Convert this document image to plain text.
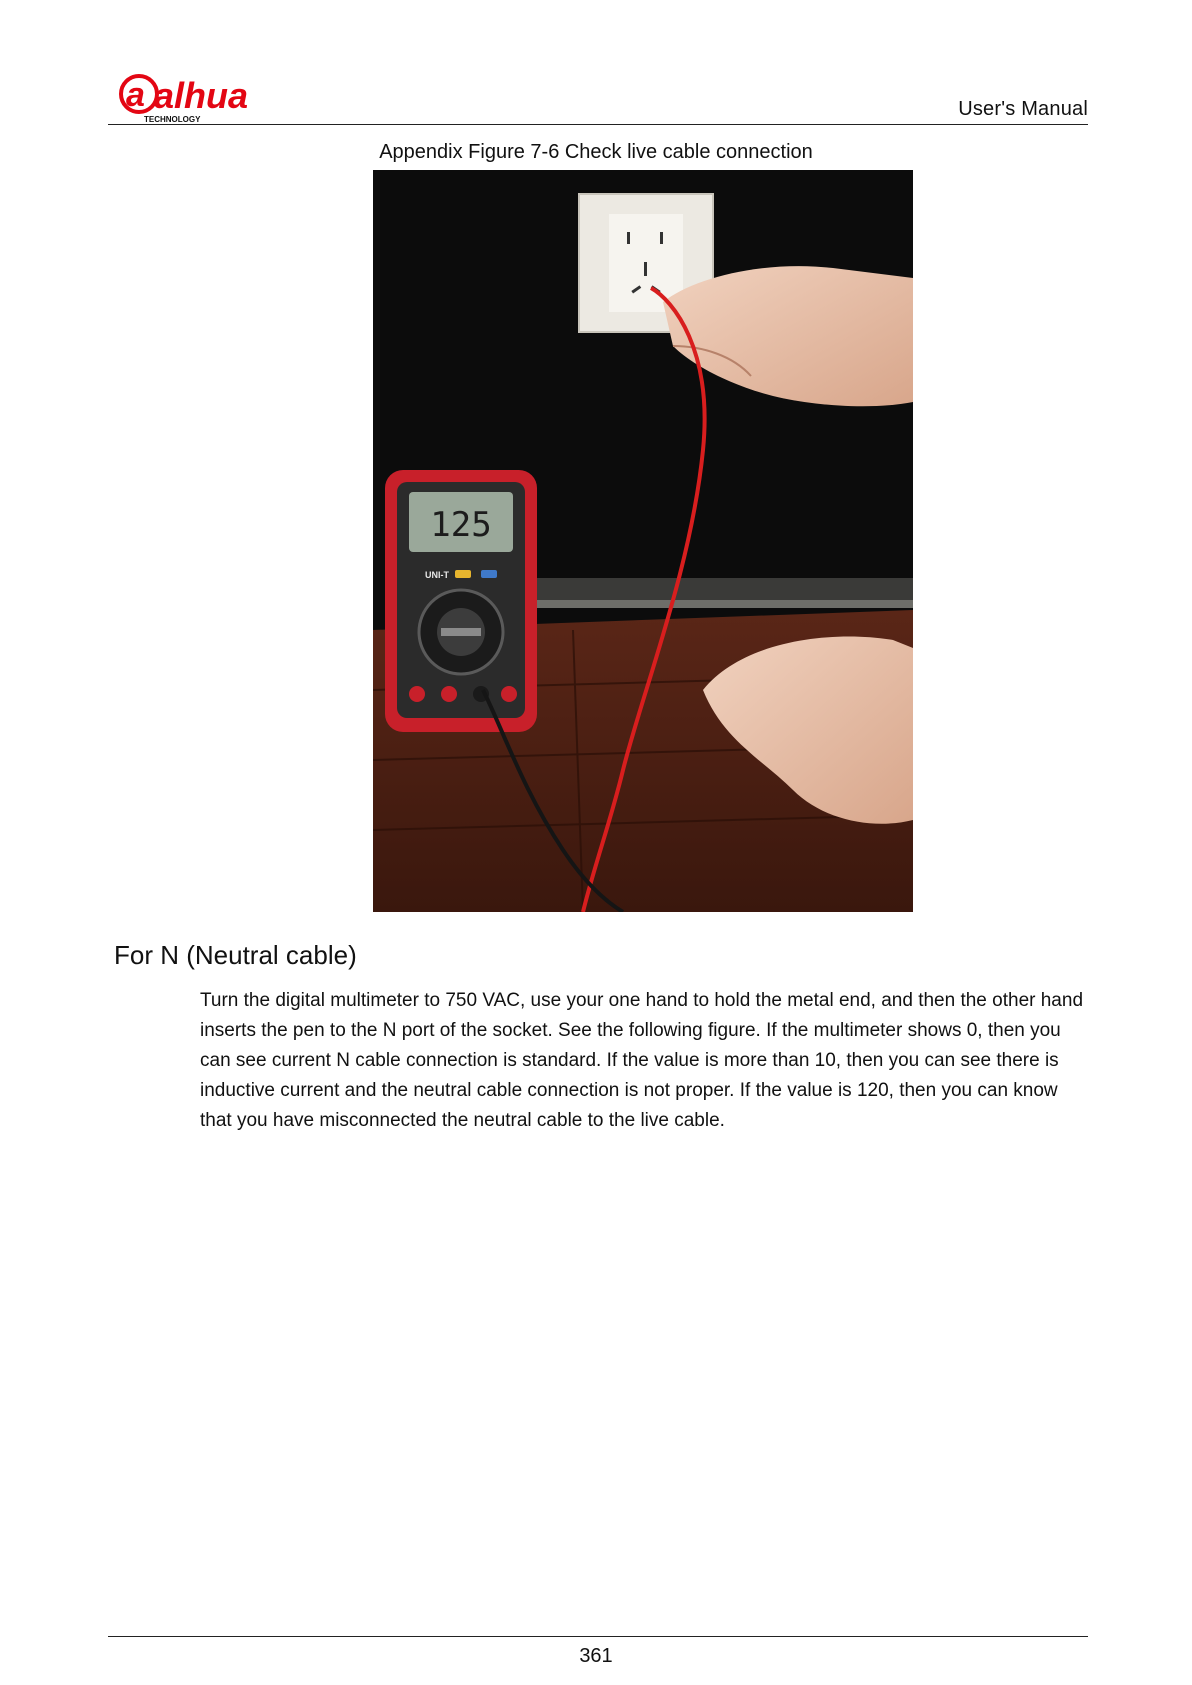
a alhua
TECHNOLOGY	User's Manual
Appendix Figure 7-6 Check live cable connection
125
UNI-T
For N (Neutral cable)

Turn the digital multimeter to 750 VAC, use your one hand to hold the metal end, and then the other hand inserts the pen to the N port of the socket. See the following figure. If the multimeter shows 0, then you can see current N cable connection is standard. If the value is more than 10, then you can see there is inductive current and the neutral cable connection is not proper. If the value is 120, then you can know that you have misconnected the neutral cable to the live cable.

361
